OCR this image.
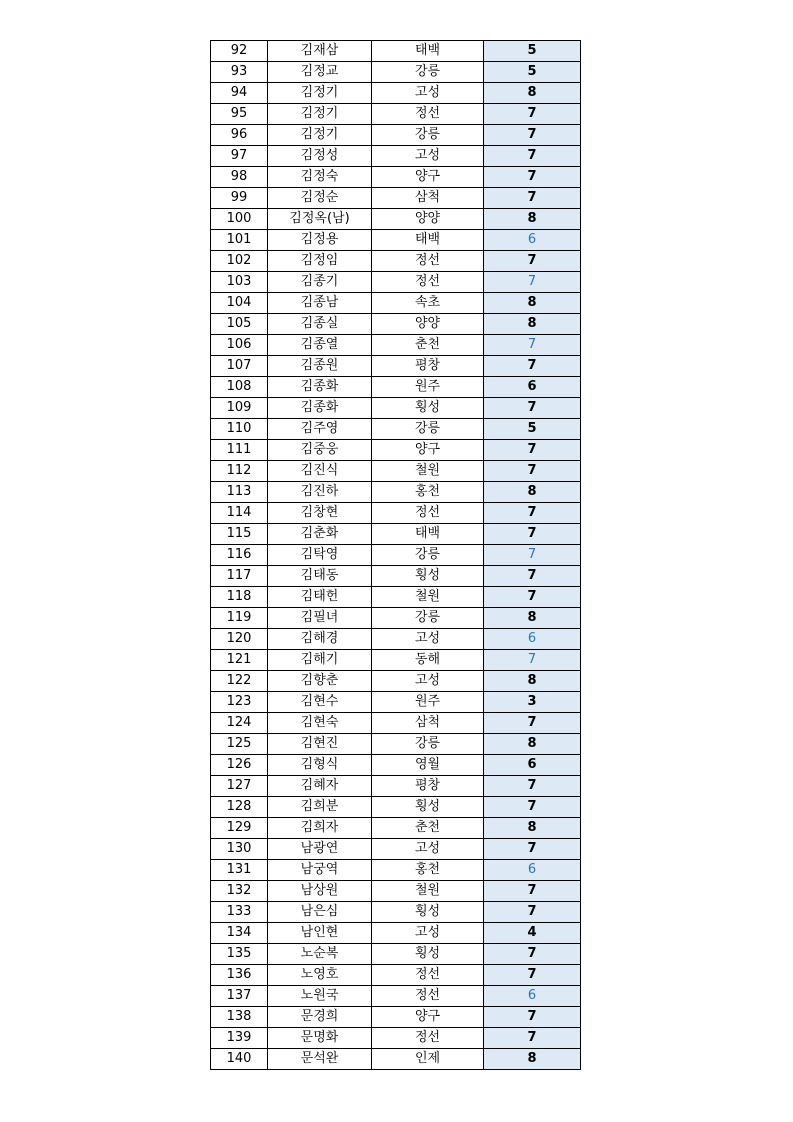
92	김재삼	태백	5
93	김정교	강릉	5
94	김정기	고성	8
95	김정기	정선	7
96	김정기	강릉	7
97	김정성	고성	7
98	김정숙	양구	7
99	김정순	삼척	7
100	김정옥(남)	양양	8
101	김정용	태백	6
102	김정임	정선	7
103	김종기	정선	7
104	김종남	속초	8
105	김종실	양양	8
106	김종열	춘천	7
107	김종원	평창	7
108	김종화	원주	6
109	김종화	횡성	7
110	김주영	강릉	5
111	김중웅	양구	7
112	김진식	철원	7
113	김진하	홍천	8
114	김창현	정선	7
115	김춘화	태백	7
116	김탁영	강릉	7
117	김태동	횡성	7
118	김태헌	철원	7
119	김필녀	강릉	8
120	김해경	고성	6
121	김해기	동해	7
122	김향춘	고성	8
123	김현수	원주	3
124	김현숙	삼척	7
125	김현진	강릉	8
126	김형식	영월	6
127	김혜자	평창	7
128	김희분	횡성	7
129	김희자	춘천	8
130	남광연	고성	7
131	남궁역	홍천	6
132	남상원	철원	7
133	남은심	횡성	7
134	남인현	고성	4
135	노순복	횡성	7
136	노영호	정선	7
137	노원국	정선	6
138	문경희	양구	7
139	문명화	정선	7
140	문석완	인제	8
